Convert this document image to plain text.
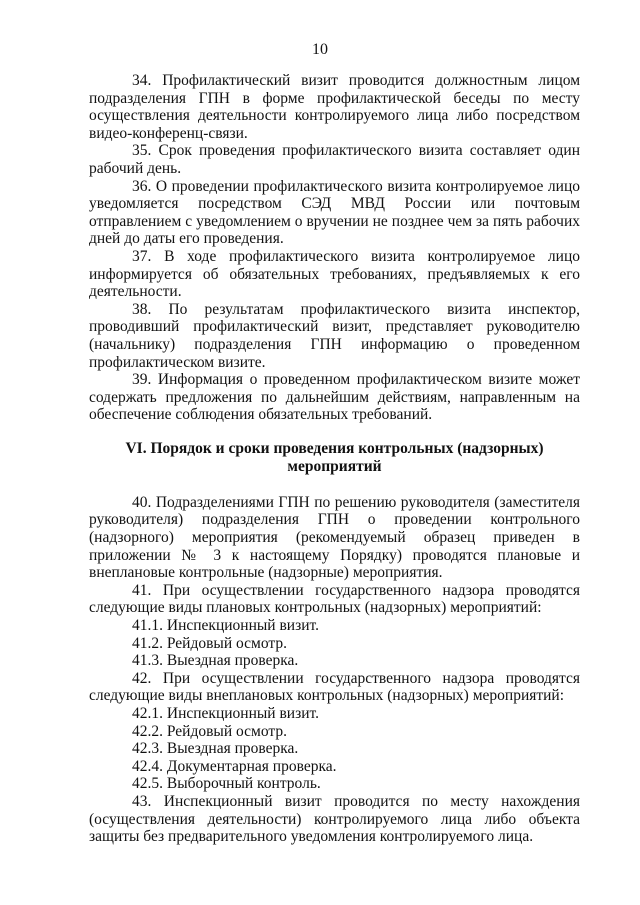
10

34. Профилактический визит проводится должностным лицом подразделения ГПН в форме профилактической беседы по месту осуществления деятельности контролируемого лица либо посредством видео-конференц-связи.

35. Срок проведения профилактического визита составляет один рабочий день.

36. О проведении профилактического визита контролируемое лицо уведомляется посредством СЭД МВД России или почтовым отправлением с уведомлением о вручении не позднее чем за пять рабочих дней до даты его проведения.

37. В ходе профилактического визита контролируемое лицо информируется об обязательных требованиях, предъявляемых к его деятельности.

38. По результатам профилактического визита инспектор, проводивший профилактический визит, представляет руководителю (начальнику) подразделения ГПН информацию о проведенном профилактическом визите.

39. Информация о проведенном профилактическом визите может содержать предложения по дальнейшим действиям, направленным на обеспечение соблюдения обязательных требований.

VI. Порядок и сроки проведения контрольных (надзорных)
мероприятий

40. Подразделениями ГПН по решению руководителя (заместителя руководителя) подразделения ГПН о проведении контрольного (надзорного) мероприятия (рекомендуемый образец приведен в приложении № 3 к настоящему Порядку) проводятся плановые и внеплановые контрольные (надзорные) мероприятия.

41. При осуществлении государственного надзора проводятся следующие виды плановых контрольных (надзорных) мероприятий:

41.1. Инспекционный визит.

41.2. Рейдовый осмотр.

41.3. Выездная проверка.

42. При осуществлении государственного надзора проводятся следующие виды внеплановых контрольных (надзорных) мероприятий:

42.1. Инспекционный визит.

42.2. Рейдовый осмотр.

42.3. Выездная проверка.

42.4. Документарная проверка.

42.5. Выборочный контроль.

43. Инспекционный визит проводится по месту нахождения (осуществления деятельности) контролируемого лица либо объекта защиты без предварительного уведомления контролируемого лица.
